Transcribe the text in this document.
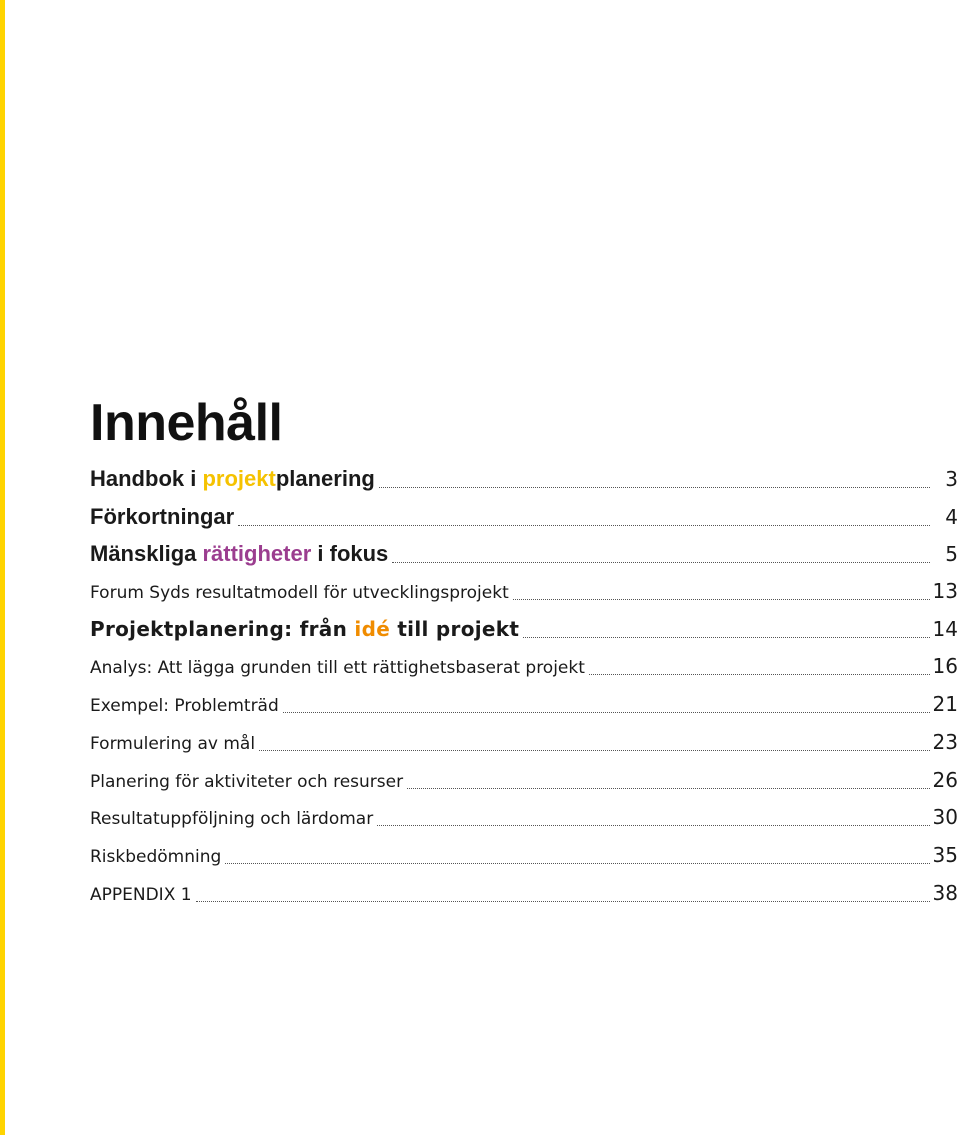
Innehåll
Handbok i projektplanering	3
Förkortningar	4
Mänskliga rättigheter i fokus	5
Forum Syds resultatmodell för utvecklingsprojekt	13
Projektplanering: från idé till projekt	14
Analys: Att lägga grunden till ett rättighetsbaserat projekt	16
Exempel: Problemträd	21
Formulering av mål	23
Planering för aktiviteter och resurser	26
Resultatuppföljning och lärdomar	30
Riskbedömning	35
APPENDIX 1	38
